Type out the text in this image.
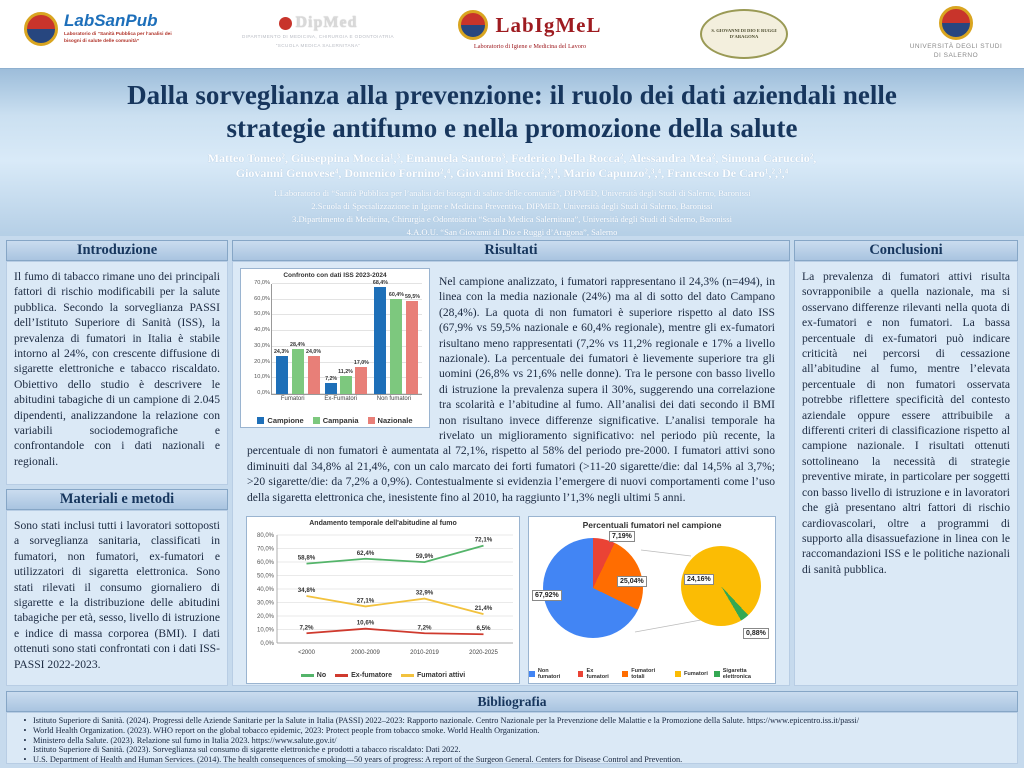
LabSanPub
Laboratorio di “Sanità Pubblica per l’analisi dei bisogni di salute delle comunità”
DipMed
DIPARTIMENTO DI MEDICINA, CHIRURGIA E ODONTOIATRIA
“SCUOLA MEDICA SALERNITANA”
LabIgMeL
Laboratorio di Igiene e Medicina del Lavoro
S. GIOVANNI DI DIO E RUGGI D’ARAGONA
UNIVERSITÀ DEGLI STUDI
DI SALERNO
Dalla sorveglianza alla prevenzione: il ruolo dei dati aziendali nelle
strategie antifumo e nella promozione della salute
Matteo Tomeo², Giuseppina Moccia¹,³, Emanuela Santoro³, Federico Della Rocca², Alessandra Mea², Simona Caruccio²,
Giovanni Genovese⁴, Domenico Fornino²,⁴, Giovanni Boccia²,³,⁴, Mario Capunzo²,³,⁴, Francesco De Caro¹,²,³,⁴
1.Laboratorio di “Sanità Pubblica per l’analisi dei bisogni di salute delle comunità”, DIPMED, Università degli Studi di Salerno, Baronissi
2.Scuola di Specializzazione in Igiene e Medicina Preventiva, DIPMED, Università degli Studi di Salerno, Baronissi
3.Dipartimento di Medicina, Chirurgia e Odontoiatria “Scuola Medica Salernitana”, Università degli Studi di Salerno, Baronissi
4.A.O.U. “San Giovanni di Dio e Ruggi d’Aragona”, Salerno
Introduzione

Il fumo di tabacco rimane uno dei principali fattori di rischio modificabili per la salute pubblica. Secondo la sorveglianza PASSI dell’Istituto Superiore di Sanità (ISS), la prevalenza di fumatori in Italia è stabile intorno al 24%, con crescente diffusione di sigarette elettroniche e tabacco riscaldato. Obiettivo dello studio è descrivere le abitudini tabagiche di un campione di 2.045 dipendenti, analizzandone la relazione con variabili sociodemografiche e confrontandole con i dati nazionali e regionali.

Materiali e metodi

Sono stati inclusi tutti i lavoratori sottoposti a sorveglianza sanitaria, classificati in fumatori, non fumatori, ex-fumatori e utilizzatori di sigaretta elettronica. Sono stati rilevati il consumo giornaliero di sigarette e la distribuzione delle abitudini tabagiche per età, sesso, livello di istruzione e indice di massa corporea (BMI). I dati ottenuti sono stati confrontati con i dati ISS-PASSI 2022-2023.

Risultati
Confronto con dati ISS 2023-2024
0,0%
10,0%
20,0%
30,0%
40,0%
50,0%
60,0%
70,0%
24,3%
28,4%
24,0%
7,2%
11,2%
17,0%
68,4%
60,4% 59,5%
Fumatori	Ex-Fumatori	Non fumatori
Campione	Campania	Nazionale

Nel campione analizzato, i fumatori rappresentano il 24,3% (n=494), in linea con la media nazionale (24%) ma al di sotto del dato Campano (28,4%). La quota di non fumatori è superiore rispetto al dato ISS (67,9% vs 59,5% nazionale e 60,4% regionale), mentre gli ex-fumatori risultano meno rappresentati (7,2% vs 11,2% regionale e 17% a livello nazionale). La percentuale dei fumatori è lievemente superiore tra gli uomini (26,8% vs 21,6% nelle donne). Tra le persone con basso livello di istruzione la prevalenza supera il 30%, suggerendo una correlazione tra scolarità e l’abitudine al fumo. All’analisi dei dati secondo il BMI non risultano invece differenze significative. L’analisi temporale ha rivelato un miglioramento significativo: nel periodo più recente, la percentuale di non fumatori è aumentata al 72,1%, rispetto al 58% del periodo pre-2000. I fumatori attivi sono diminuiti dal 34,8% al 21,4%, con un calo marcato dei forti fumatori (>11-20 sigarette/die: dal 14,5% al 3,7%; >20 sigarette/die: da 7,2% a 0,9%). Contestualmente si evidenzia l’emergere di nuovi comportamenti come l’uso della sigaretta elettronica che, inesistente fino al 2010, ha raggiunto l’1,3% negli ultimi 5 anni.

Andamento temporale dell'abitudine al fumo
0,0%
10,0%
20,0%
30,0%
40,0%
50,0%
60,0%
70,0%
80,0%
<2000	2000-2009	2010-2019	2020-2025
58,8%
62,4%	59,9%
72,1%
7,2%
10,6%
7,2%	6,5%
34,8%
27,1%
32,9%
21,4%
No	Ex-fumatore	Fumatori attivi
Percentuali fumatori nel campione
7,19%
25,04%
67,92%
24,16%
0,88%
Non fumatori
Ex fumatori
Fumatori totali	Fumatori	Sigaretta elettronica
Conclusioni

La prevalenza di fumatori attivi risulta sovrapponibile a quella nazionale, ma si osservano differenze rilevanti nella quota di ex-fumatori e non fumatori. La bassa percentuale di ex-fumatori può indicare criticità nei percorsi di cessazione all’abitudine al fumo, mentre l’elevata percentuale di non fumatori osservata potrebbe riflettere specificità del contesto aziendale oppure essere attribuibile a differenti criteri di classificazione rispetto al campione nazionale. I risultati ottenuti sottolineano la necessità di strategie preventive mirate, in particolare per soggetti con basso livello di istruzione e in lavoratori che già presentano altri fattori di rischio cardiovascolari, oltre a programmi di supporto alla disassuefazione in linea con le raccomandazioni ISS e le politiche nazionali di sanità pubblica.

Bibliografia
• Istituto Superiore di Sanità. (2024). Progressi delle Aziende Sanitarie per la Salute in Italia (PASSI) 2022–2023: Rapporto nazionale. Centro Nazionale per la Prevenzione delle Malattie e la Promozione della Salute. https://www.epicentro.iss.it/passi/
• World Health Organization. (2023). WHO report on the global tobacco epidemic, 2023: Protect people from tobacco smoke. World Health Organization.
• Ministero della Salute. (2023). Relazione sul fumo in Italia 2023. https://www.salute.gov.it/
• Istituto Superiore di Sanità. (2023). Sorveglianza sul consumo di sigarette elettroniche e prodotti a tabacco riscaldato: Dati 2022.
• U.S. Department of Health and Human Services. (2014). The health consequences of smoking—50 years of progress: A report of the Surgeon General. Centers for Disease Control and Prevention.
